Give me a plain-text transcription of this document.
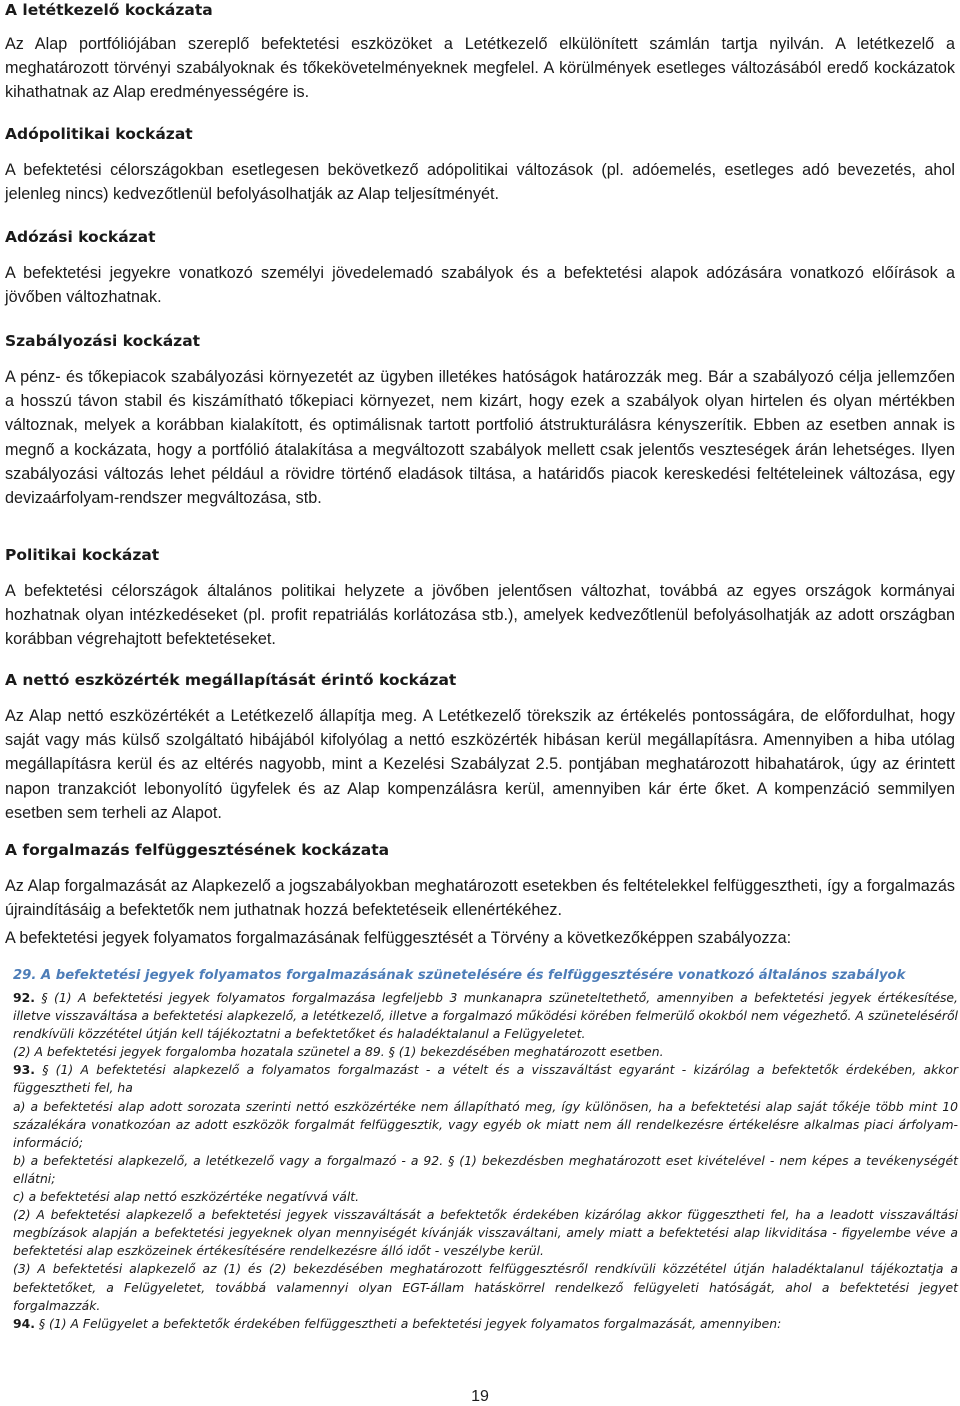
A letétkezelő kockázata

Az Alap portfóliójában szereplő befektetési eszközöket a Letétkezelő elkülönített számlán tartja nyilván. A letétkezelő a meghatározott törvényi szabályoknak és tőkekövetelményeknek megfelel. A körülmények esetleges változásából eredő kockázatok kihathatnak az Alap eredményességére is.

Adópolitikai kockázat

A befektetési célországokban esetlegesen bekövetkező adópolitikai változások (pl. adóemelés, esetleges adó bevezetés, ahol jelenleg nincs) kedvezőtlenül befolyásolhatják az Alap teljesítményét.

Adózási kockázat

A befektetési jegyekre vonatkozó személyi jövedelemadó szabályok és a befektetési alapok adózására vonatkozó előírások a jövőben változhatnak.

Szabályozási kockázat

A pénz- és tőkepiacok szabályozási környezetét az ügyben illetékes hatóságok határozzák meg. Bár a szabályozó célja jellemzően a hosszú távon stabil és kiszámítható tőkepiaci környezet, nem kizárt, hogy ezek a szabályok olyan hirtelen és olyan mértékben változnak, melyek a korábban kialakított, és optimálisnak tartott portfolió átstrukturálásra kényszerítik. Ebben az esetben annak is megnő a kockázata, hogy a portfólió átalakítása a megváltozott szabályok mellett csak jelentős veszteségek árán lehetséges. Ilyen szabályozási változás lehet például a rövidre történő eladások tiltása, a határidős piacok kereskedési feltételeinek változása, egy devizaárfolyam-rendszer megváltozása, stb.

Politikai kockázat

A befektetési célországok általános politikai helyzete a jövőben jelentősen változhat, továbbá az egyes országok kormányai hozhatnak olyan intézkedéseket (pl. profit repatriálás korlátozása stb.), amelyek kedvezőtlenül befolyásolhatják az adott országban korábban végrehajtott befektetéseket.

A nettó eszközérték megállapítását érintő kockázat

Az Alap nettó eszközértékét a Letétkezelő állapítja meg. A Letétkezelő törekszik az értékelés pontosságára, de előfordulhat, hogy saját vagy más külső szolgáltató hibájából kifolyólag a nettó eszközérték hibásan kerül megállapításra. Amennyiben a hiba utólag megállapításra kerül és az eltérés nagyobb, mint a Kezelési Szabályzat 2.5. pontjában meghatározott hibahatárok, úgy az érintett napon tranzakciót lebonyolító ügyfelek és az Alap kompenzálásra kerül, amennyiben kár érte őket. A kompenzáció semmilyen esetben sem terheli az Alapot.

A forgalmazás felfüggesztésének kockázata

Az Alap forgalmazását az Alapkezelő a jogszabályokban meghatározott esetekben és feltételekkel felfüggesztheti, így a forgalmazás újraindításáig a befektetők nem juthatnak hozzá befektetéseik ellenértékéhez.

A befektetési jegyek folyamatos forgalmazásának felfüggesztését a Törvény a következőképpen szabályozza:

29. A befektetési jegyek folyamatos forgalmazásának szünetelésére és felfüggesztésére vonatkozó általános szabályok

92. § (1) A befektetési jegyek folyamatos forgalmazása legfeljebb 3 munkanapra szüneteltethető, amennyiben a befektetési jegyek értékesítése, illetve visszaváltása a befektetési alapkezelő, a letétkezelő, illetve a forgalmazó működési körében felmerülő okokból nem végezhető. A szüneteléséről rendkívüli közzététel útján kell tájékoztatni a befektetőket és haladéktalanul a Felügyeletet.

(2) A befektetési jegyek forgalomba hozatala szünetel a 89. § (1) bekezdésében meghatározott esetben.

93. § (1) A befektetési alapkezelő a folyamatos forgalmazást - a vételt és a visszaváltást egyaránt - kizárólag a befektetők érdekében, akkor függesztheti fel, ha

a) a befektetési alap adott sorozata szerinti nettó eszközértéke nem állapítható meg, így különösen, ha a befektetési alap saját tőkéje több mint 10 százalékára vonatkozóan az adott eszközök forgalmát felfüggesztik, vagy egyéb ok miatt nem áll rendelkezésre értékelésre alkalmas piaci árfolyam-információ;

b) a befektetési alapkezelő, a letétkezelő vagy a forgalmazó - a 92. § (1) bekezdésben meghatározott eset kivételével - nem képes a tevékenységét ellátni;

c) a befektetési alap nettó eszközértéke negatívvá vált.

(2) A befektetési alapkezelő a befektetési jegyek visszaváltását a befektetők érdekében kizárólag akkor függesztheti fel, ha a leadott visszaváltási megbízások alapján a befektetési jegyeknek olyan mennyiségét kívánják visszaváltani, amely miatt a befektetési alap likviditása - figyelembe véve a befektetési alap eszközeinek értékesítésére rendelkezésre álló időt - veszélybe kerül.

(3) A befektetési alapkezelő az (1) és (2) bekezdésében meghatározott felfüggesztésről rendkívüli közzététel útján haladéktalanul tájékoztatja a befektetőket, a Felügyeletet, továbbá valamennyi olyan EGT-állam hatáskörrel rendelkező felügyeleti hatóságát, ahol a befektetési jegyet forgalmazzák.

94. § (1) A Felügyelet a befektetők érdekében felfüggesztheti a befektetési jegyek folyamatos forgalmazását, amennyiben:

19
